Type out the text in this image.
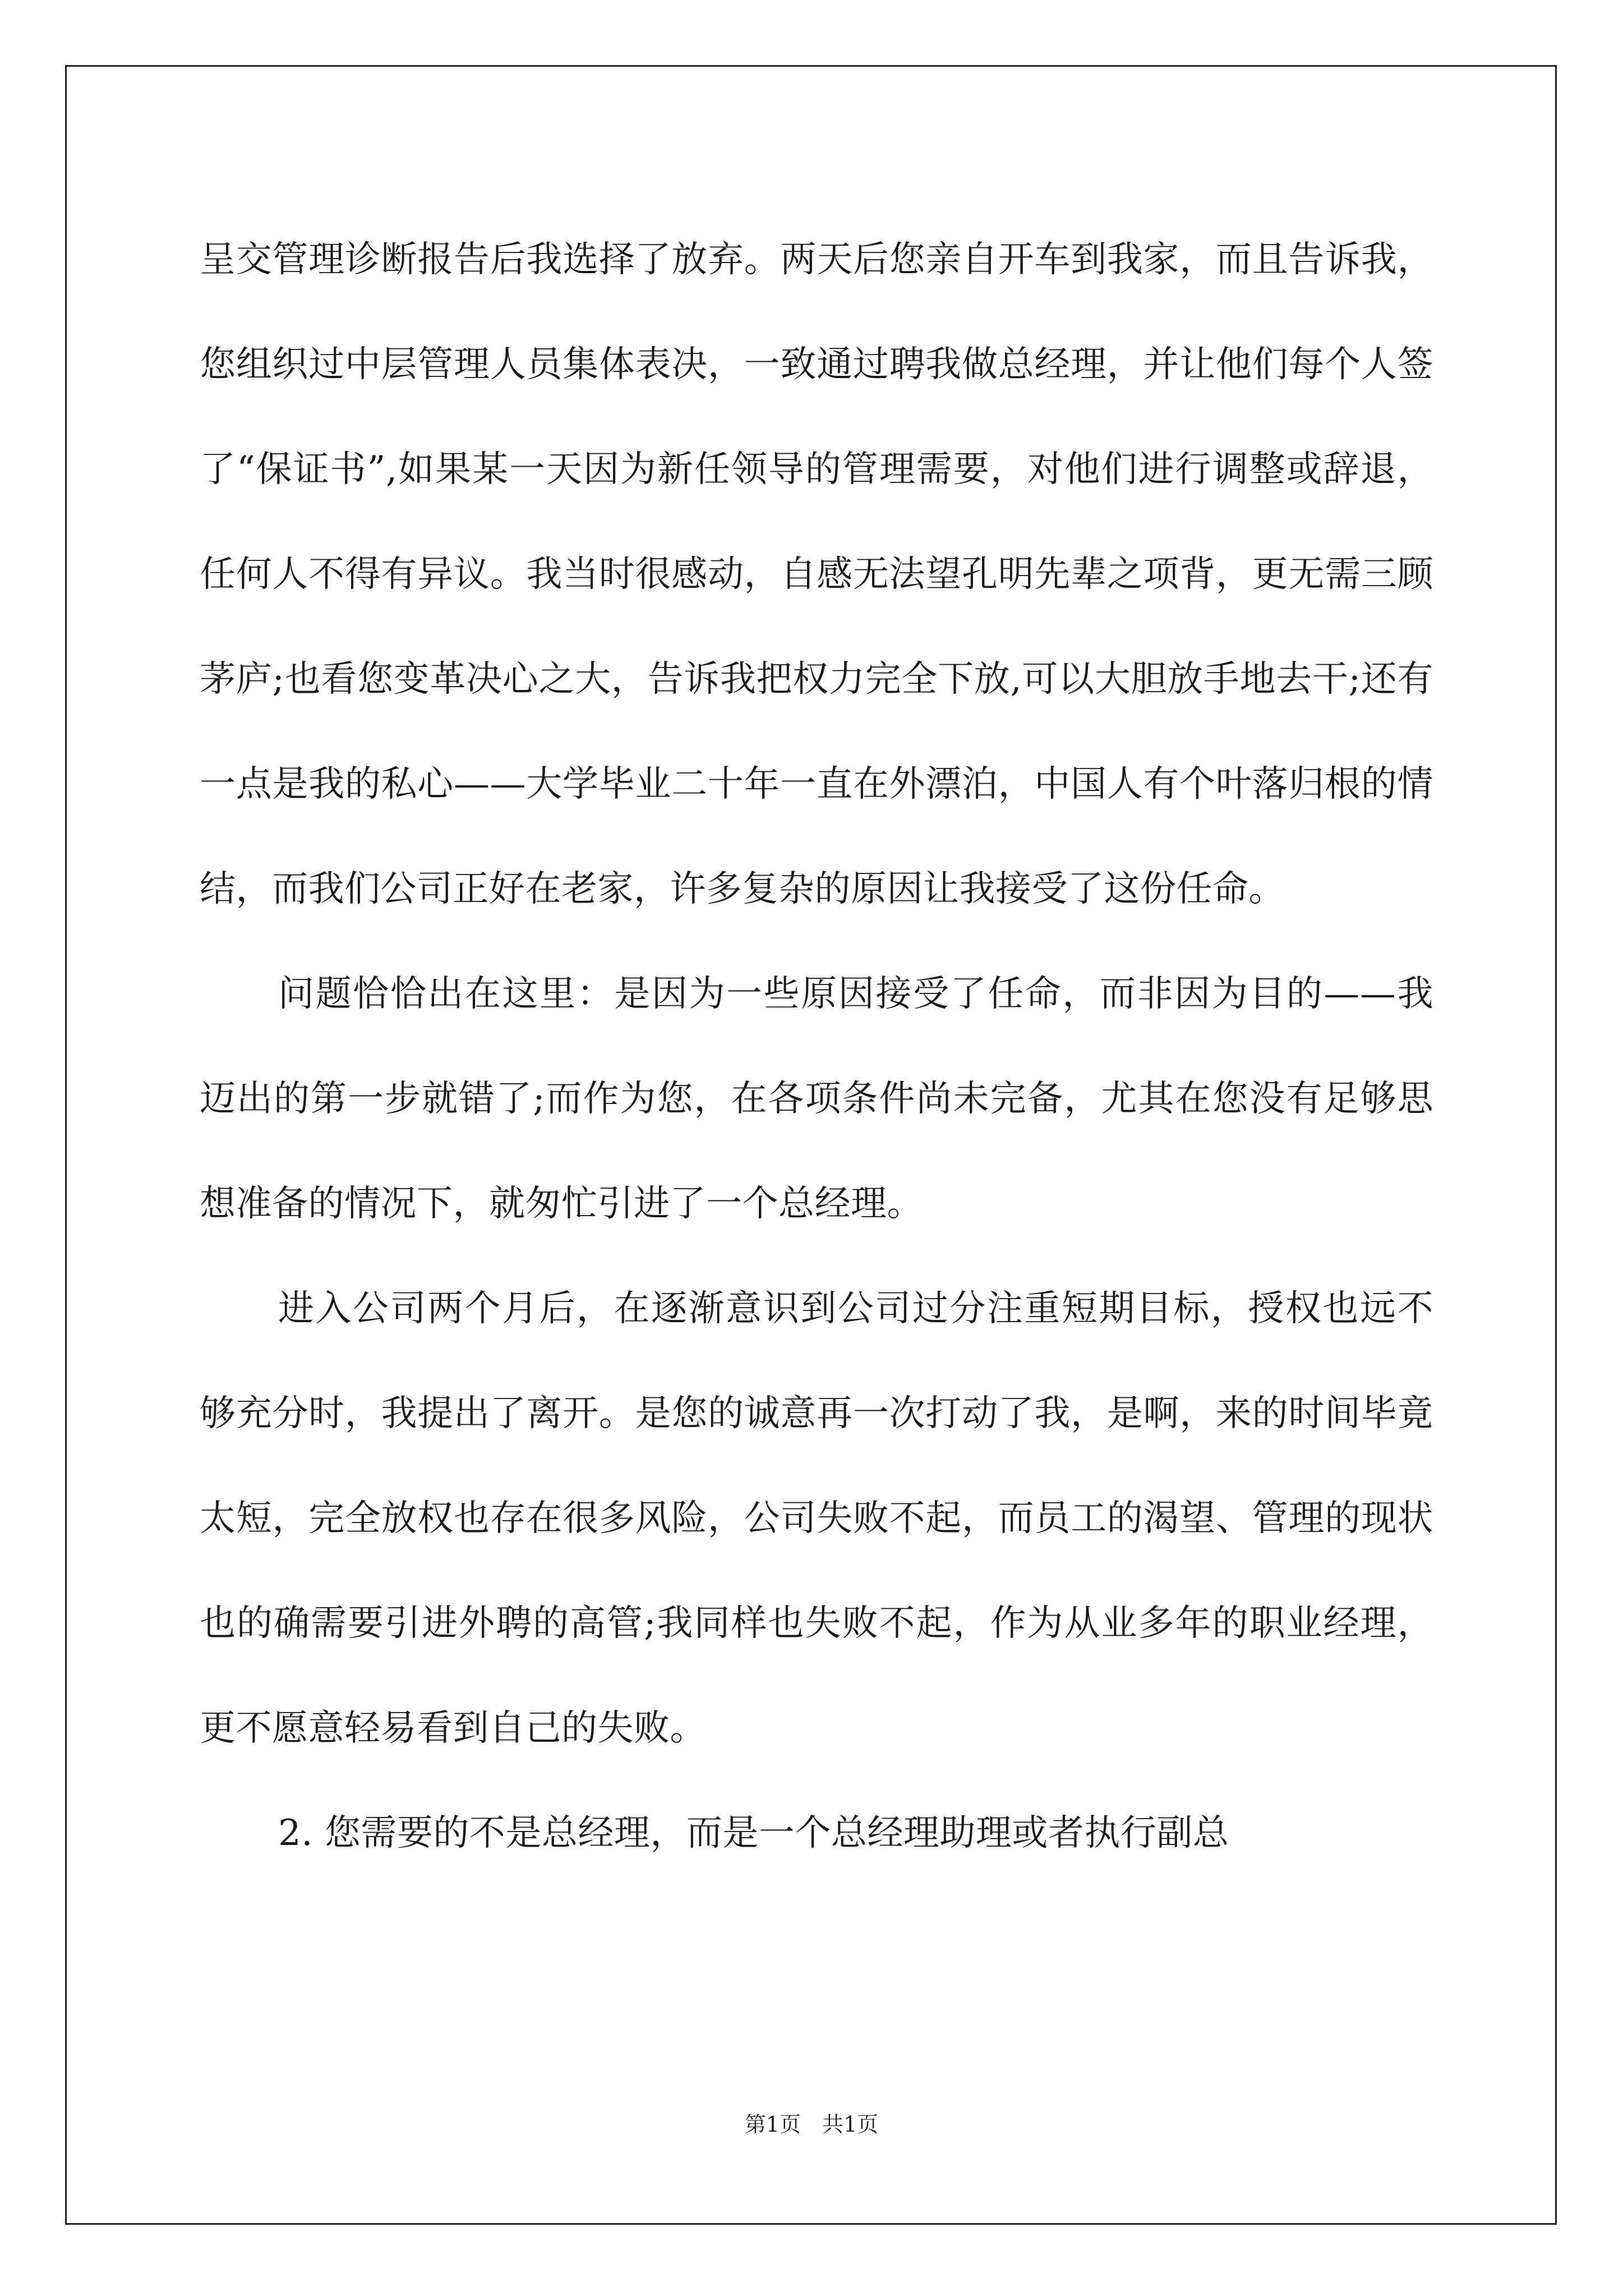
呈交管理诊断报告后我选择了放弃。两天后您亲自开车到我家，而且告诉我，您组织过中层管理人员集体表决，一致通过聘我做总经理，并让他们每个人签了“保证书”,如果某一天因为新任领导的管理需要，对他们进行调整或辞退，任何人不得有异议。我当时很感动，自感无法望孔明先辈之项背，更无需三顾茅庐;也看您变革决心之大，告诉我把权力完全下放,可以大胆放手地去干;还有一点是我的私心——大学毕业二十年一直在外漂泊，中国人有个叶落归根的情结，而我们公司正好在老家，许多复杂的原因让我接受了这份任命。

问题恰恰出在这里：是因为一些原因接受了任命，而非因为目的——我迈出的第一步就错了;而作为您，在各项条件尚未完备，尤其在您没有足够思想准备的情况下，就匆忙引进了一个总经理。

进入公司两个月后，在逐渐意识到公司过分注重短期目标，授权也远不够充分时，我提出了离开。是您的诚意再一次打动了我，是啊，来的时间毕竟太短，完全放权也存在很多风险，公司失败不起，而员工的渴望、管理的现状也的确需要引进外聘的高管;我同样也失败不起，作为从业多年的职业经理，更不愿意轻易看到自己的失败。

2. 您需要的不是总经理，而是一个总经理助理或者执行副总

第1页　共1页
